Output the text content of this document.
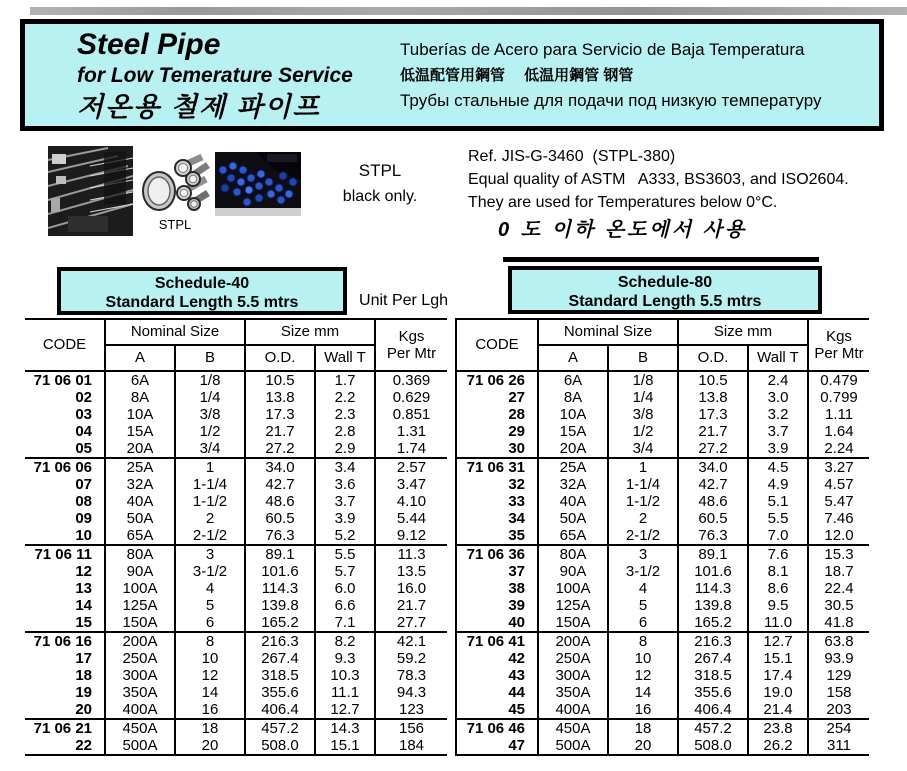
Steel Pipe
for Low Temerature Service
저온용 철제 파이프
Tuberías de Acero para Servicio de Baja Temperatura
低温配管用鋼管　 低温用鋼管 钢管
Трубы стальные для подачи под низкую температуру
STPL
STPL
black only.
Ref. JIS-G-3460  (STPL-380)
Equal quality of ASTM   A333, BS3603, and ISO2604.
They are used for Temperatures below 0°C.
0 도 이하 온도에서 사용
Schedule-40
Standard Length 5.5 mtrs	Unit Per Lgh
Schedule-80
Standard Length 5.5 mtrs
CODE	Nominal Size		Size mm		Kgs
Per Mtr

	A	B	O.D.	Wall T	
71 06 01	6A	1/8	10.5	1.7	0.369
02	8A	1/4	13.8	2.2	0.629
03	10A	3/8	17.3	2.3	0.851
04	15A	1/2	21.7	2.8	1.31
05	20A	3/4	27.2	2.9	1.74
71 06 06	25A	1	34.0	3.4	2.57
07	32A	1-1/4	42.7	3.6	3.47
08	40A	1-1/2	48.6	3.7	4.10
09	50A	2	60.5	3.9	5.44
10	65A	2-1/2	76.3	5.2	9.12
71 06 11	80A	3	89.1	5.5	11.3
12	90A	3-1/2	101.6	5.7	13.5
13	100A	4	114.3	6.0	16.0
14	125A	5	139.8	6.6	21.7
15	150A	6	165.2	7.1	27.7
71 06 16	200A	8	216.3	8.2	42.1
17	250A	10	267.4	9.3	59.2
18	300A	12	318.5	10.3	78.3
19	350A	14	355.6	11.1	94.3
20	400A	16	406.4	12.7	123
71 06 21	450A	18	457.2	14.3	156
22	500A	20	508.0	15.1	184
CODE	Nominal Size		Size mm		Kgs
Per Mtr

	A	B	O.D.	Wall T	
71 06 26	6A	1/8	10.5	2.4	0.479
27	8A	1/4	13.8	3.0	0.799
28	10A	3/8	17.3	3.2	1.11
29	15A	1/2	21.7	3.7	1.64
30	20A	3/4	27.2	3.9	2.24
71 06 31	25A	1	34.0	4.5	3.27
32	32A	1-1/4	42.7	4.9	4.57
33	40A	1-1/2	48.6	5.1	5.47
34	50A	2	60.5	5.5	7.46
35	65A	2-1/2	76.3	7.0	12.0
71 06 36	80A	3	89.1	7.6	15.3
37	90A	3-1/2	101.6	8.1	18.7
38	100A	4	114.3	8.6	22.4
39	125A	5	139.8	9.5	30.5
40	150A	6	165.2	11.0	41.8
71 06 41	200A	8	216.3	12.7	63.8
42	250A	10	267.4	15.1	93.9
43	300A	12	318.5	17.4	129
44	350A	14	355.6	19.0	158
45	400A	16	406.4	21.4	203
71 06 46	450A	18	457.2	23.8	254
47	500A	20	508.0	26.2	311
